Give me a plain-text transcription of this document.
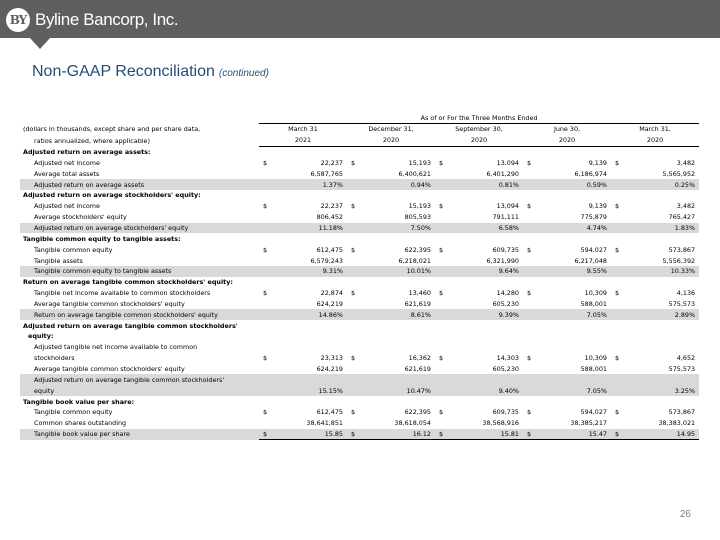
BY Byline Bancorp, Inc.
Non-GAAP Reconciliation (continued)
	As of or For the Three Months Ended									
(dollars in thousands, except share and per share data,	March 31		December 31,		September 30,		June 30,		March 31,	
ratios annualized, where applicable)	2021		2020		2020		2020		2020	
Adjusted return on average assets:										
Adjusted net income	$	22,237	$	15,193	$	13,094	$	9,139	$	3,482
Average total assets		6,587,765		6,400,621		6,401,290		6,186,974		5,565,952
Adjusted return on average assets		1.37%		0.94%		0.81%		0.59%		0.25%
Adjusted return on average stockholders' equity:										
Adjusted net income	$	22,237	$	15,193	$	13,094	$	9,139	$	3,482
Average stockholders' equity		806,452		805,593		791,111		775,879		765,427
Adjusted return on average stockholders' equity		11.18%		7.50%		6.58%		4.74%		1.83%
Tangible common equity to tangible assets:										
Tangible common equity	$	612,475	$	622,395	$	609,735	$	594,027	$	573,867
Tangible assets		6,579,243		6,218,021		6,321,990		6,217,048		5,556,392
Tangible common equity to tangible assets		9.31%		10.01%		9.64%		9.55%		10.33%
Return on average tangible common stockholders' equity:										
Tangible net income available to common stockholders	$	22,874	$	13,460	$	14,280	$	10,309	$	4,136
Average tangible common stockholders' equity		624,219		621,619		605,230		588,001		575,573
Return on average tangible common stockholders' equity		14.86%		8.61%		9.39%		7.05%		2.89%
Adjusted return on average tangible common stockholders'										
equity:										
Adjusted tangible net income available to common										
stockholders	$	23,313	$	16,362	$	14,303	$	10,309	$	4,652
Average tangible common stockholders' equity		624,219		621,619		605,230		588,001		575,573
Adjusted return on average tangible common stockholders'										
equity		15.15%		10.47%		9.40%		7.05%		3.25%
Tangible book value per share:										
Tangible common equity	$	612,475	$	622,395	$	609,735	$	594,027	$	573,867
Common shares outstanding		38,641,851		38,618,054		38,568,916		38,385,217		38,383,021
Tangible book value per share	$	15.85	$	16.12	$	15.81	$	15.47	$	14.95
26
